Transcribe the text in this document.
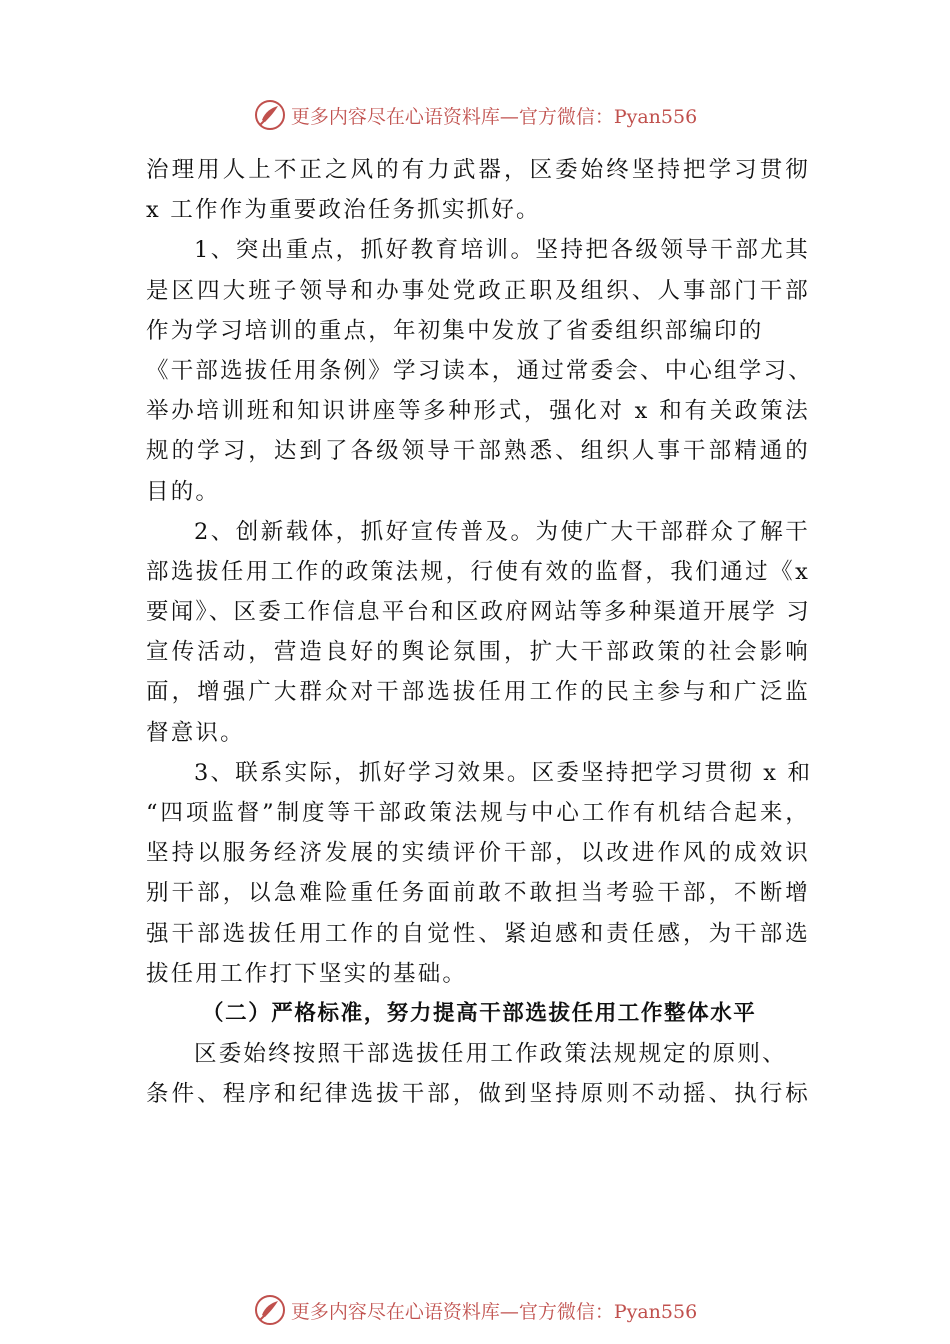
更多内容尽在心语资料库—官方微信：Pyan556
治理用人上不正之风的有力武器，区委始终坚持把学习贯彻
x 工作作为重要政治任务抓实抓好。
1、突出重点，抓好教育培训。坚持把各级领导干部尤其
是区四大班子领导和办事处党政正职及组织、人事部门干部
作为学习培训的重点，年初集中发放了省委组织部编印的
《干部选拔任用条例》学习读本，通过常委会、中心组学习、
举办培训班和知识讲座等多种形式，强化对 x 和有关政策法
规的学习，达到了各级领导干部熟悉、组织人事干部精通的
目的。
2、创新载体，抓好宣传普及。为使广大干部群众了解干
部选拔任用工作的政策法规，行使有效的监督，我们通过《x
要闻》、区委工作信息平台和区政府网站等多种渠道开展学 习
宣传活动，营造良好的舆论氛围，扩大干部政策的社会影响
面，增强广大群众对干部选拔任用工作的民主参与和广泛监
督意识。
3、联系实际，抓好学习效果。区委坚持把学习贯彻 x 和
“四项监督”制度等干部政策法规与中心工作有机结合起来，
坚持以服务经济发展的实绩评价干部，以改进作风的成效识
别干部，以急难险重任务面前敢不敢担当考验干部，不断增
强干部选拔任用工作的自觉性、紧迫感和责任感，为干部选
拔任用工作打下坚实的基础。
（二）严格标准，努力提高干部选拔任用工作整体水平
区委始终按照干部选拔任用工作政策法规规定的原则、
条件、程序和纪律选拔干部，做到坚持原则不动摇、执行标
更多内容尽在心语资料库—官方微信：Pyan556
